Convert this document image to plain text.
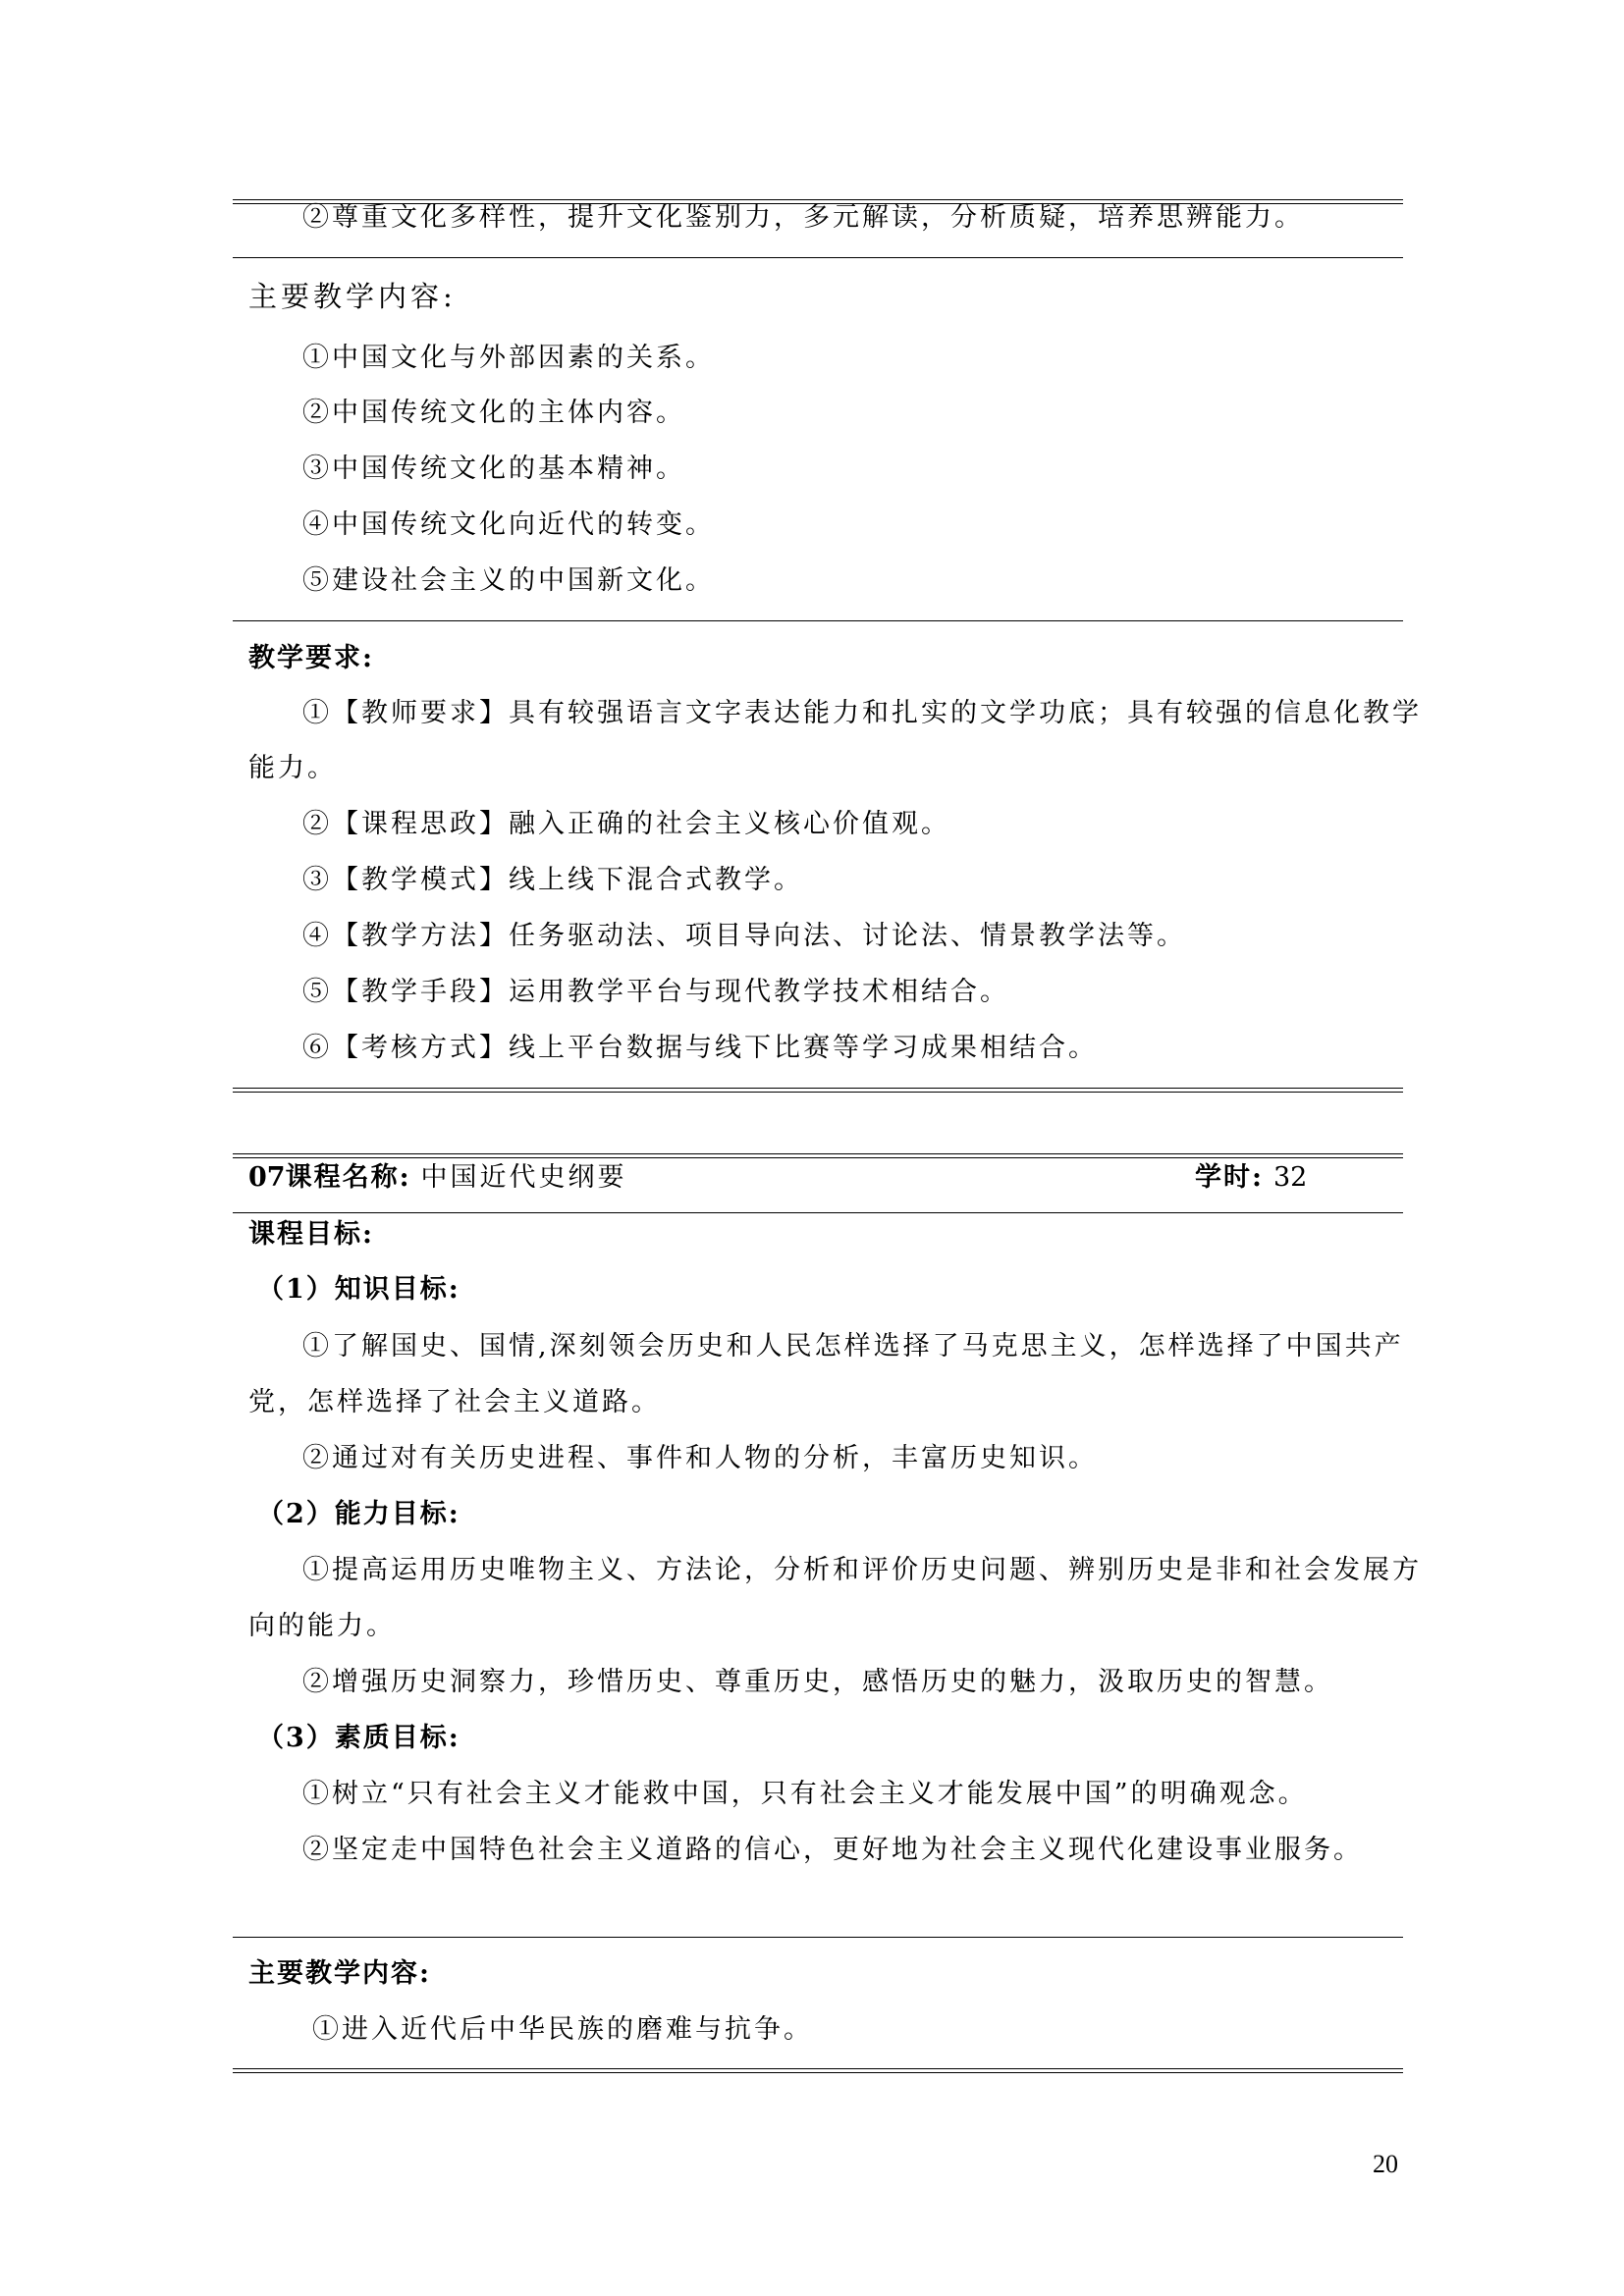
②尊重文化多样性，提升文化鉴别力，多元解读，分析质疑，培养思辨能力。
主要教学内容:
①中国文化与外部因素的关系。
②中国传统文化的主体内容。
③中国传统文化的基本精神。
④中国传统文化向近代的转变。
⑤建设社会主义的中国新文化。
教学要求:
①【教师要求】具有较强语言文字表达能力和扎实的文学功底；具有较强的信息化教学
能力。
②【课程思政】融入正确的社会主义核心价值观。
③【教学模式】线上线下混合式教学。
④【教学方法】任务驱动法、项目导向法、讨论法、情景教学法等。
⑤【教学手段】运用教学平台与现代教学技术相结合。
⑥【考核方式】线上平台数据与线下比赛等学习成果相结合。
07课程名称: 中国近代史纲要	学时: 32
课程目标:
（1）知识目标:
①了解国史、国情,深刻领会历史和人民怎样选择了马克思主义，怎样选择了中国共产
党，怎样选择了社会主义道路。
②通过对有关历史进程、事件和人物的分析，丰富历史知识。
（2）能力目标:
①提高运用历史唯物主义、方法论，分析和评价历史问题、辨别历史是非和社会发展方
向的能力。
②增强历史洞察力，珍惜历史、尊重历史，感悟历史的魅力，汲取历史的智慧。
（3）素质目标:
①树立“只有社会主义才能救中国，只有社会主义才能发展中国”的明确观念。
②坚定走中国特色社会主义道路的信心，更好地为社会主义现代化建设事业服务。
主要教学内容:
①进入近代后中华民族的磨难与抗争。
20
